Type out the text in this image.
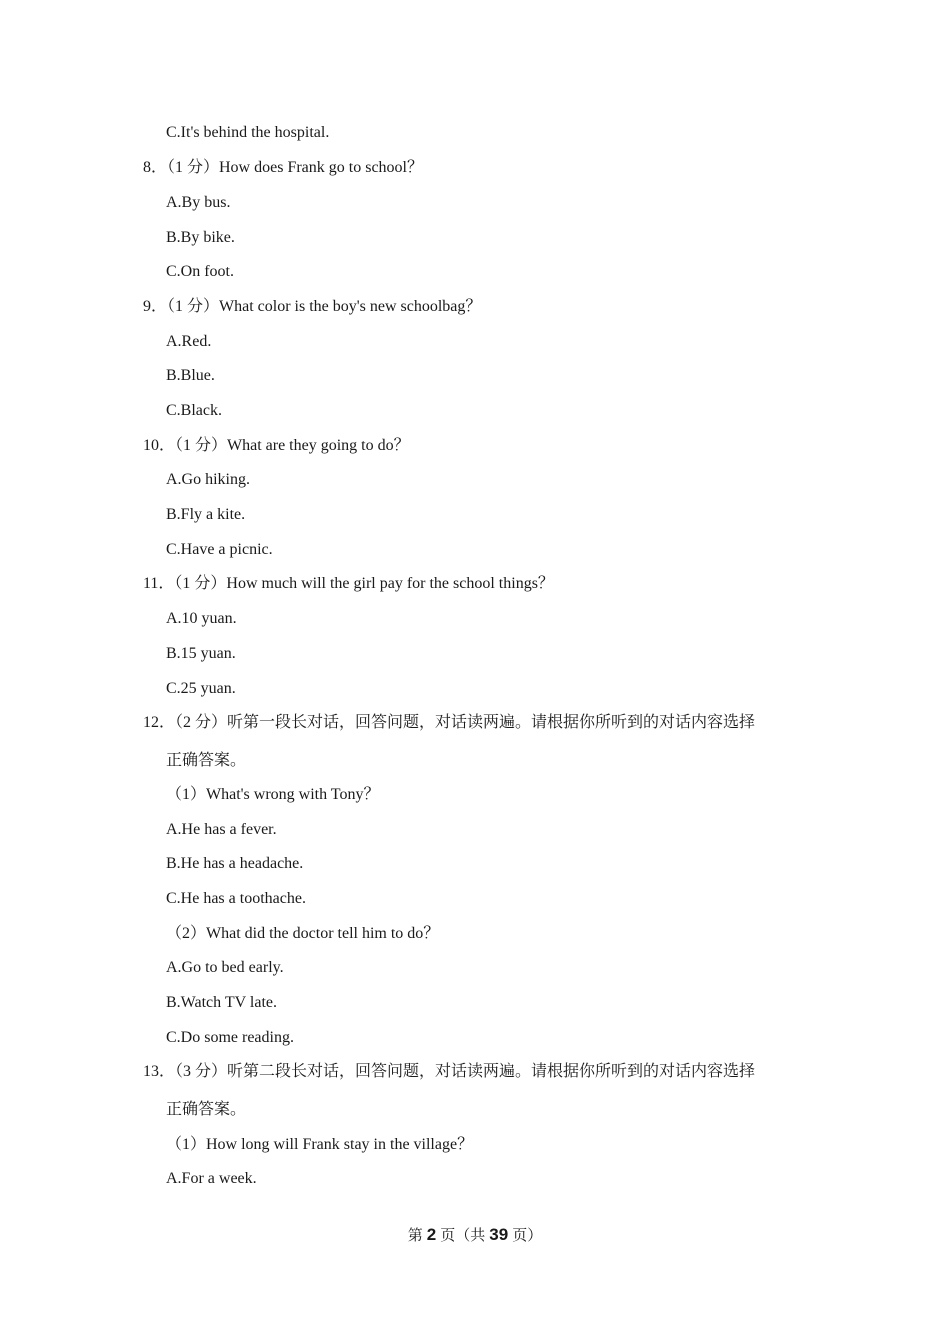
C.It's behind the hospital.
8．（1 分）How does Frank go to school？
A.By bus.
B.By bike.
C.On foot.
9．（1 分）What color is the boy's new schoolbag？
A.Red.
B.Blue.
C.Black.
10．（1 分）What are they going to do？
A.Go hiking.
B.Fly a kite.
C.Have a picnic.
11．（1 分）How much will the girl pay for the school things？
A.10 yuan.
B.15 yuan.
C.25 yuan.
12．（2 分）听第一段长对话，回答问题，对话读两遍。请根据你所听到的对话内容选择
正确答案。
（1）What's wrong with Tony？
A.He has a fever.
B.He has a headache.
C.He has a toothache.
（2）What did the doctor tell him to do？
A.Go to bed early.
B.Watch TV late.
C.Do some reading.
13．（3 分）听第二段长对话，回答问题，对话读两遍。请根据你所听到的对话内容选择
正确答案。
（1）How long will Frank stay in the village？
A.For a week.
第 2 页（共 39 页）
